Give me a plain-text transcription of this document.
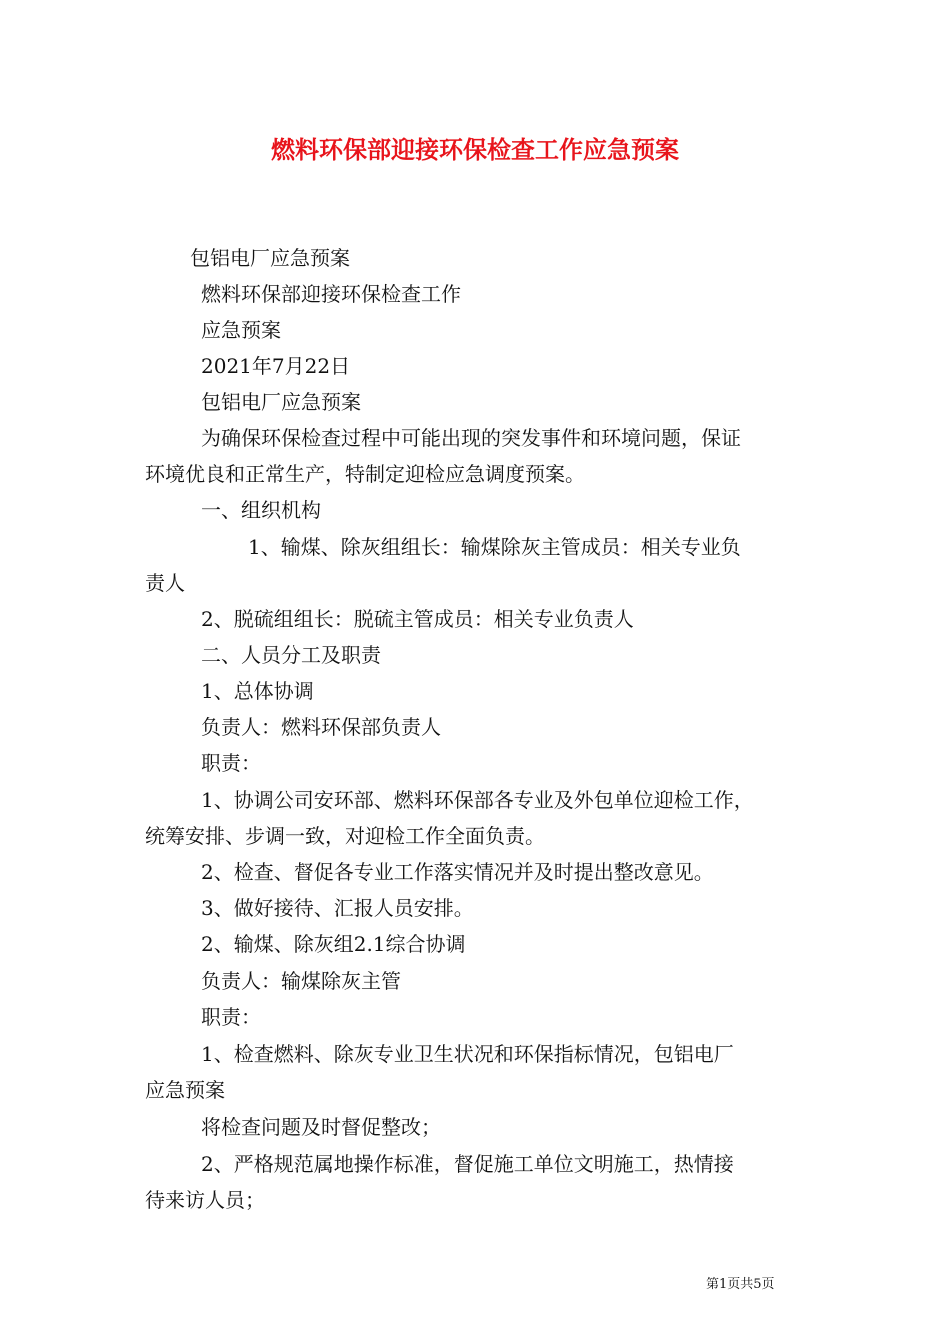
燃料环保部迎接环保检查工作应急预案

包铝电厂应急预案

燃料环保部迎接环保检查工作

应急预案

2021年7月22日

包铝电厂应急预案

为确保环保检查过程中可能出现的突发事件和环境问题，保证

环境优良和正常生产，特制定迎检应急调度预案。

一、组织机构

1、输煤、除灰组组长：输煤除灰主管成员：相关专业负

责人

2、脱硫组组长：脱硫主管成员：相关专业负责人

二、人员分工及职责

1、总体协调

负责人：燃料环保部负责人

职责：

1、协调公司安环部、燃料环保部各专业及外包单位迎检工作，

统筹安排、步调一致，对迎检工作全面负责。

2、检查、督促各专业工作落实情况并及时提出整改意见。

3、做好接待、汇报人员安排。

2、输煤、除灰组2.1综合协调

负责人：输煤除灰主管

职责：

1、检查燃料、除灰专业卫生状况和环保指标情况，包铝电厂

应急预案

将检查问题及时督促整改；

2、严格规范属地操作标准，督促施工单位文明施工，热情接

待来访人员；

第1页共5页
